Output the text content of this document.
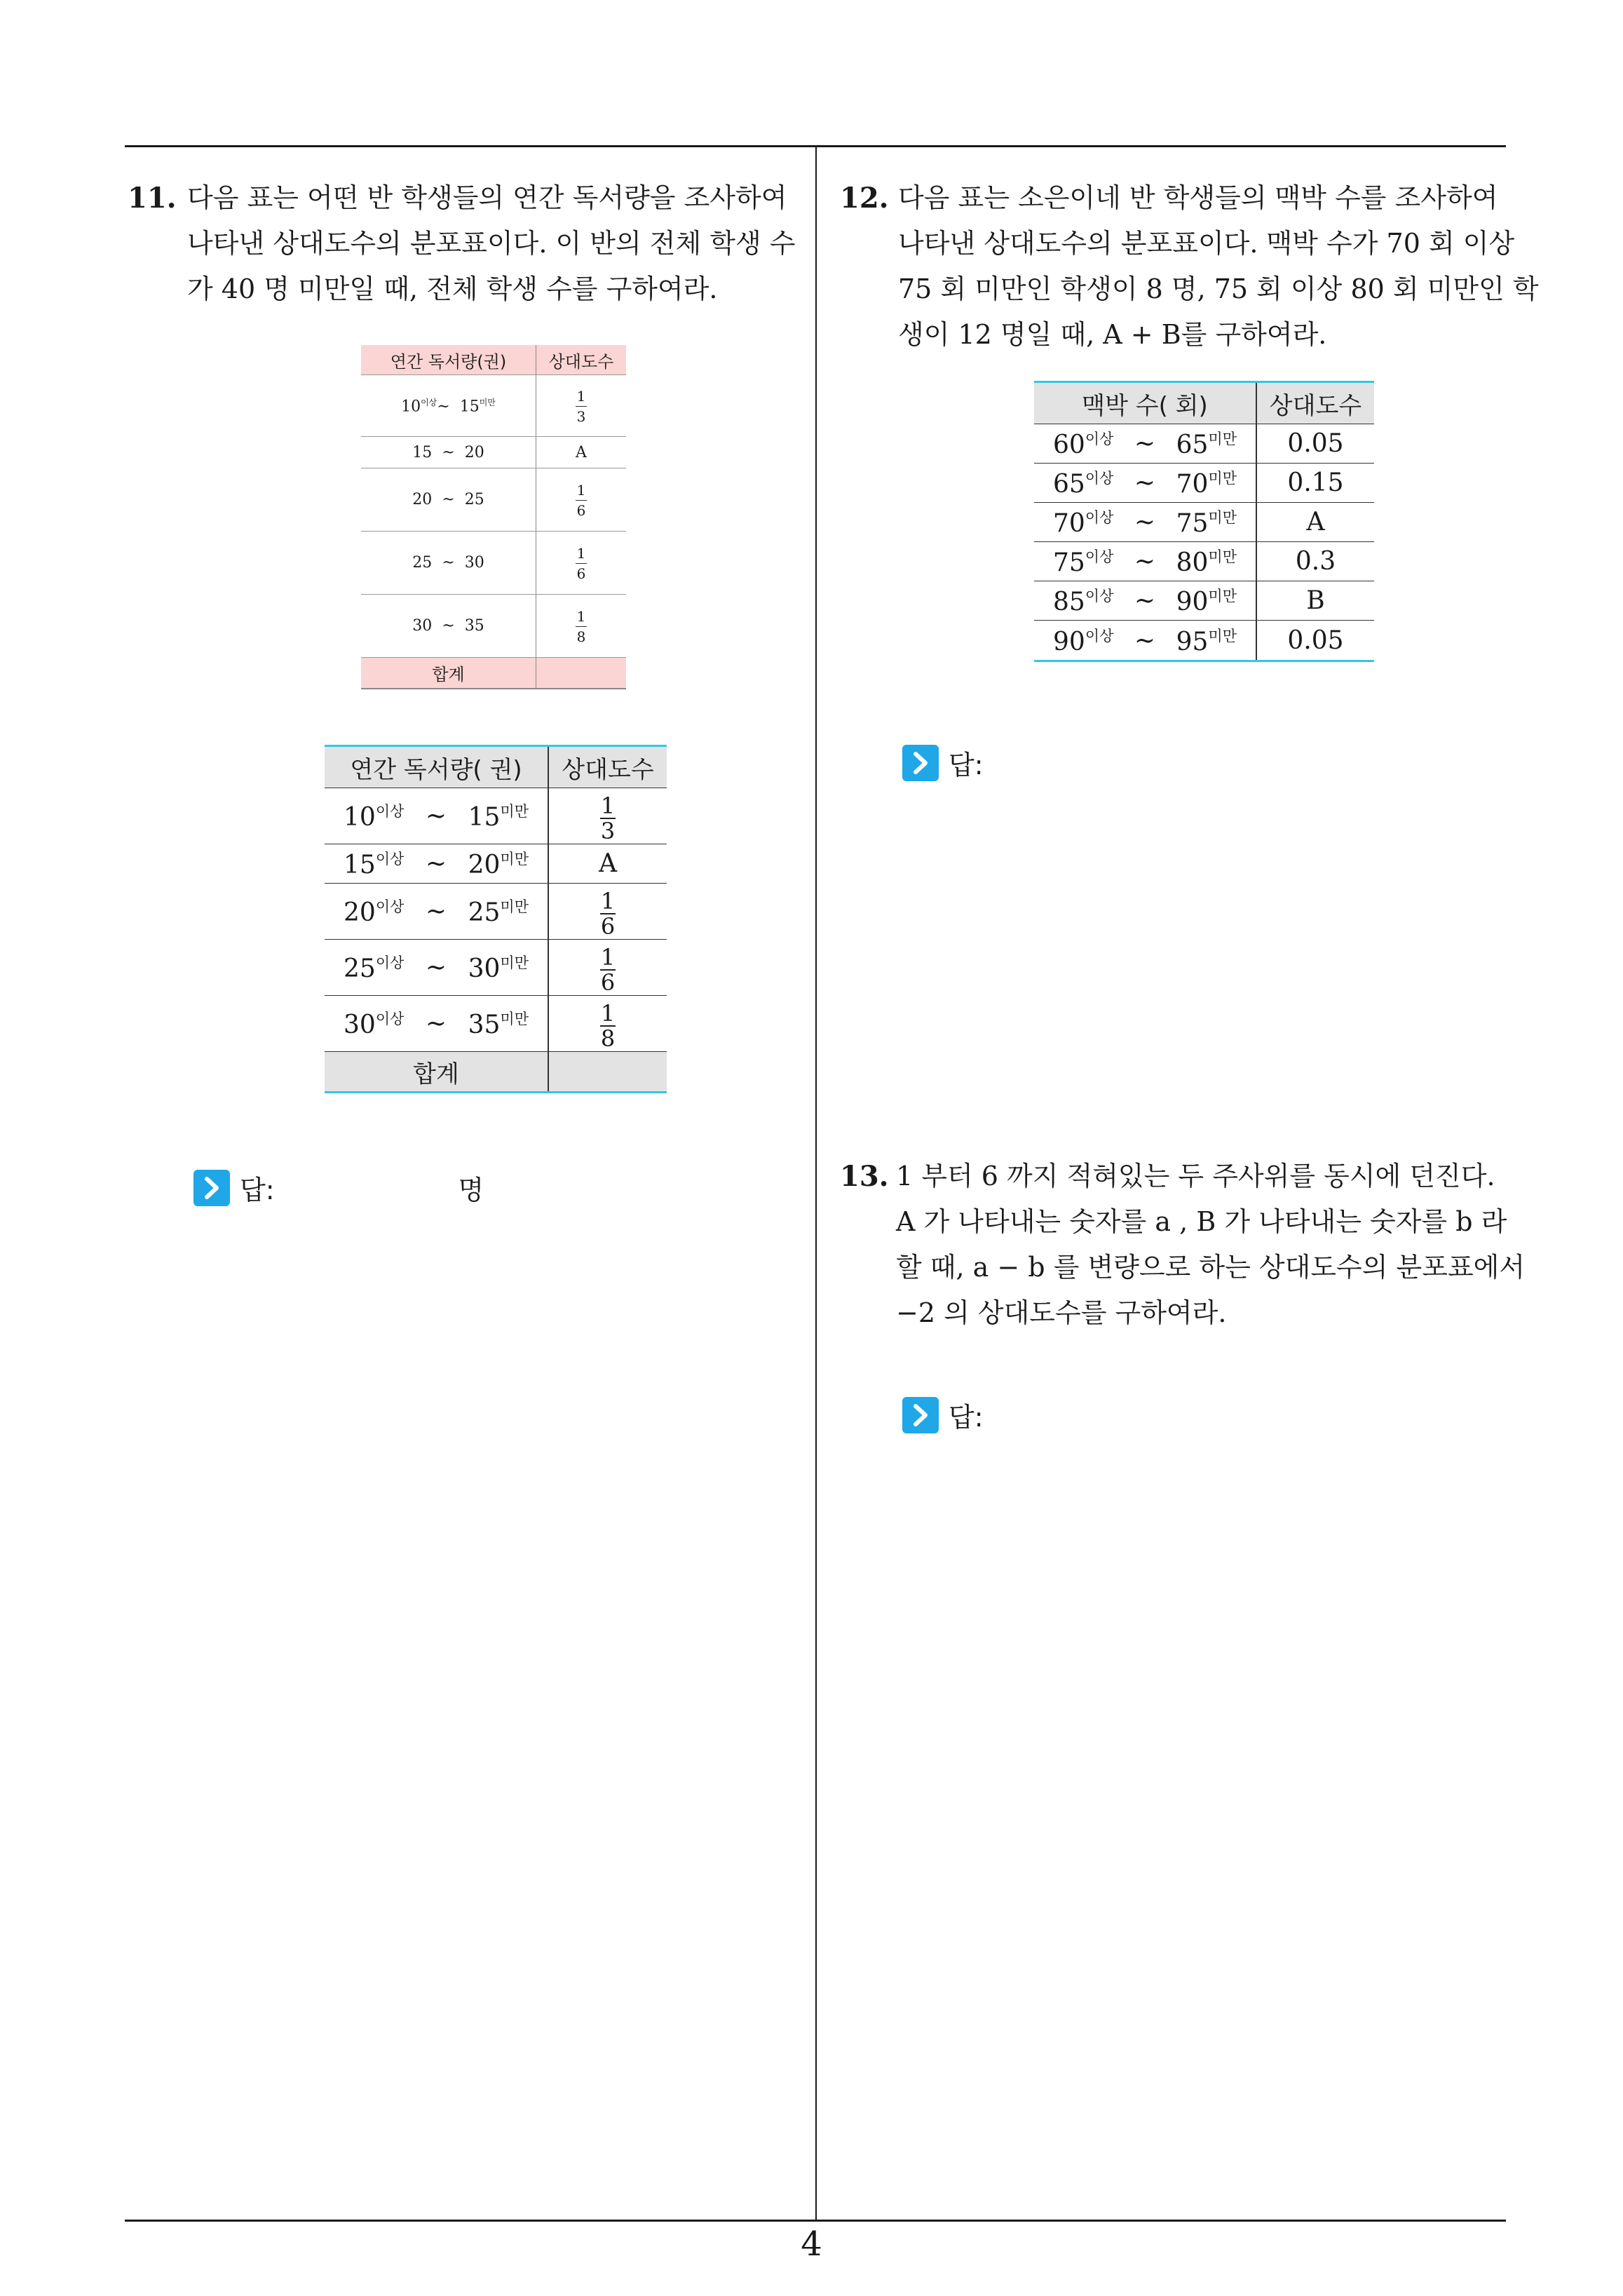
11. 다음 표는 어떤 반 학생들의 연간 독서량을 조사하여
나타낸 상대도수의 분포표이다. 이 반의 전체 학생 수
가 40 명 미만일 때, 전체 학생 수를 구하여라.
연간 독서량(권)	상대도수
$10^{이상}\sim$ $15^{미만}$	$\frac{1}{3}$

15 ~ 20	A
20 ~ 25	$\frac{1}{6}$

25 ~ 30	$\frac{1}{6}$

30 ~ 35	$\frac{1}{8}$

합계	
연간 독서량( 권)	상대도수

$10^{이상}$ ~ $15^{미만}$	$\frac{1}{3}$

$15^{이상}$ ~ $20^{미만}$	A

$20^{이상}$ ~ $25^{미만}$	$\frac{1}{6}$

$25^{이상}$ ~ $30^{미만}$	$\frac{1}{6}$

$30^{이상}$ ~ $35^{미만}$	$\frac{1}{8}$

합계	
답:	명
12. 다음 표는 소은이네 반 학생들의 맥박 수를 조사하여
나타낸 상대도수의 분포표이다. 맥박 수가 70 회 이상
75 회 미만인 학생이 8 명, 75 회 이상 80 회 미만인 학
생이 12 명일 때, A + B를 구하여라.
맥박 수( 회)	상대도수

$60^{이상}$ ~ $65^{미만}$	0.05

$65^{이상}$ ~ $70^{미만}$	0.15

$70^{이상}$ ~ $75^{미만}$	A

$75^{이상}$ ~ $80^{미만}$	0.3

$85^{이상}$ ~ $90^{미만}$	B

$90^{이상}$ ~ $95^{미만}$	0.05
답:
13. 1 부터 6 까지 적혀있는 두 주사위를 동시에 던진다.
A 가 나타내는 숫자를 a , B 가 나타내는 숫자를 b 라
할 때, a − b 를 변량으로 하는 상대도수의 분포표에서
−2 의 상대도수를 구하여라.
답:
4
